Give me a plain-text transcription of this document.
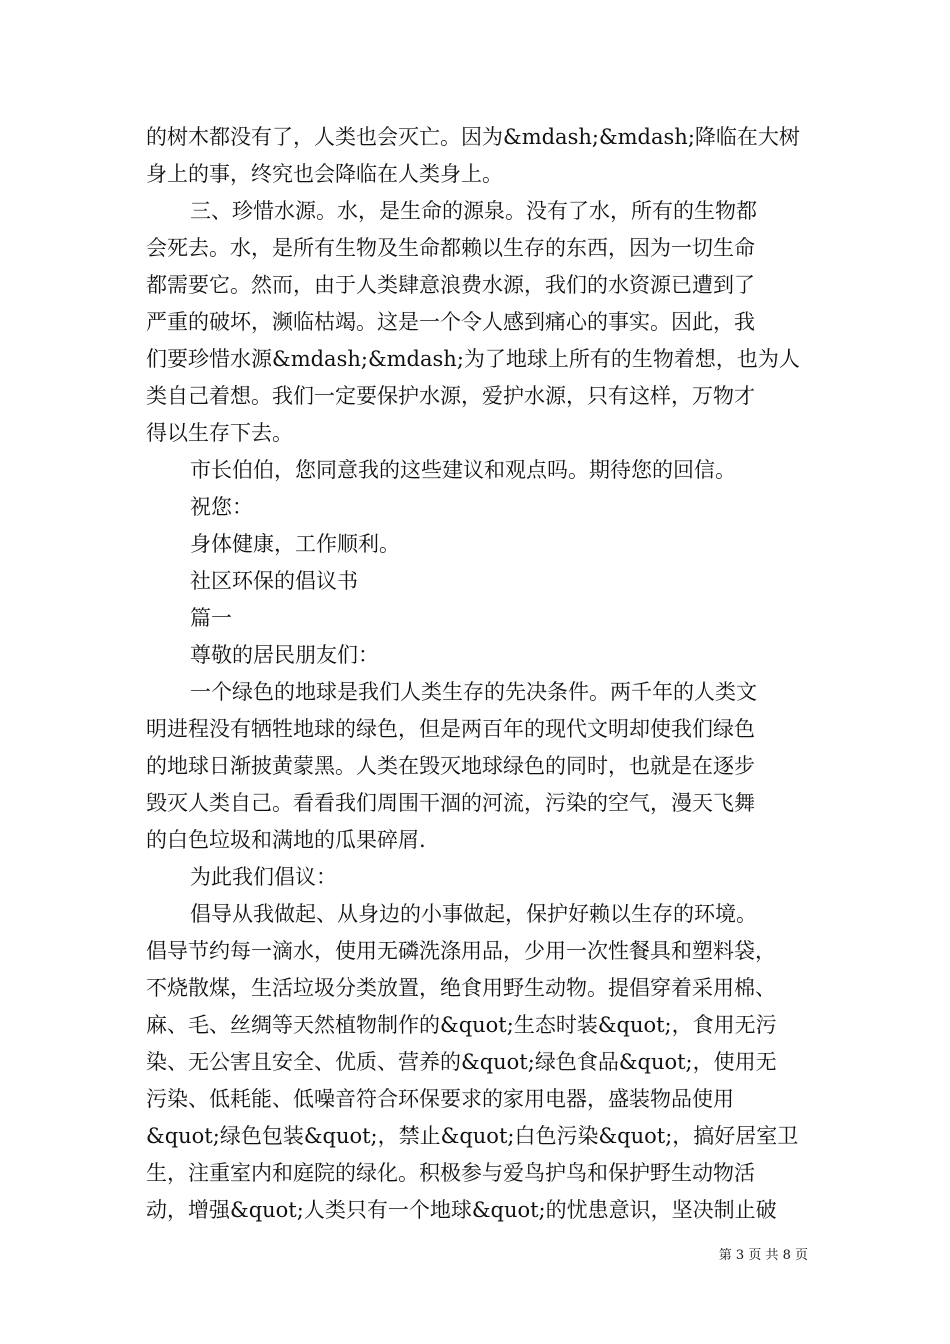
的树木都没有了，人类也会灭亡。因为&mdash;&mdash;降临在大树
身上的事，终究也会降临在人类身上。
三、珍惜水源。水，是生命的源泉。没有了水，所有的生物都
会死去。水，是所有生物及生命都赖以生存的东西，因为一切生命
都需要它。然而，由于人类肆意浪费水源，我们的水资源已遭到了
严重的破坏，濒临枯竭。这是一个令人感到痛心的事实。因此，我
们要珍惜水源&mdash;&mdash;为了地球上所有的生物着想，也为人
类自己着想。我们一定要保护水源，爱护水源，只有这样，万物才
得以生存下去。
市长伯伯，您同意我的这些建议和观点吗。期待您的回信。
祝您：
身体健康，工作顺利。
社区环保的倡议书
篇一
尊敬的居民朋友们：
一个绿色的地球是我们人类生存的先决条件。两千年的人类文
明进程没有牺牲地球的绿色，但是两百年的现代文明却使我们绿色
的地球日渐披黄蒙黑。人类在毁灭地球绿色的同时，也就是在逐步
毁灭人类自己。看看我们周围干涸的河流，污染的空气，漫天飞舞
的白色垃圾和满地的瓜果碎屑.
为此我们倡议：
倡导从我做起、从身边的小事做起，保护好赖以生存的环境。
倡导节约每一滴水，使用无磷洗涤用品，少用一次性餐具和塑料袋，
不烧散煤，生活垃圾分类放置，绝食用野生动物。提倡穿着采用棉、
麻、毛、丝绸等天然植物制作的&quot;生态时装&quot;，食用无污
染、无公害且安全、优质、营养的&quot;绿色食品&quot;，使用无
污染、低耗能、低噪音符合环保要求的家用电器，盛装物品使用
&quot;绿色包装&quot;，禁止&quot;白色污染&quot;，搞好居室卫
生，注重室内和庭院的绿化。积极参与爱鸟护鸟和保护野生动物活
动，增强&quot;人类只有一个地球&quot;的忧患意识，坚决制止破
第 3 页 共 8 页
